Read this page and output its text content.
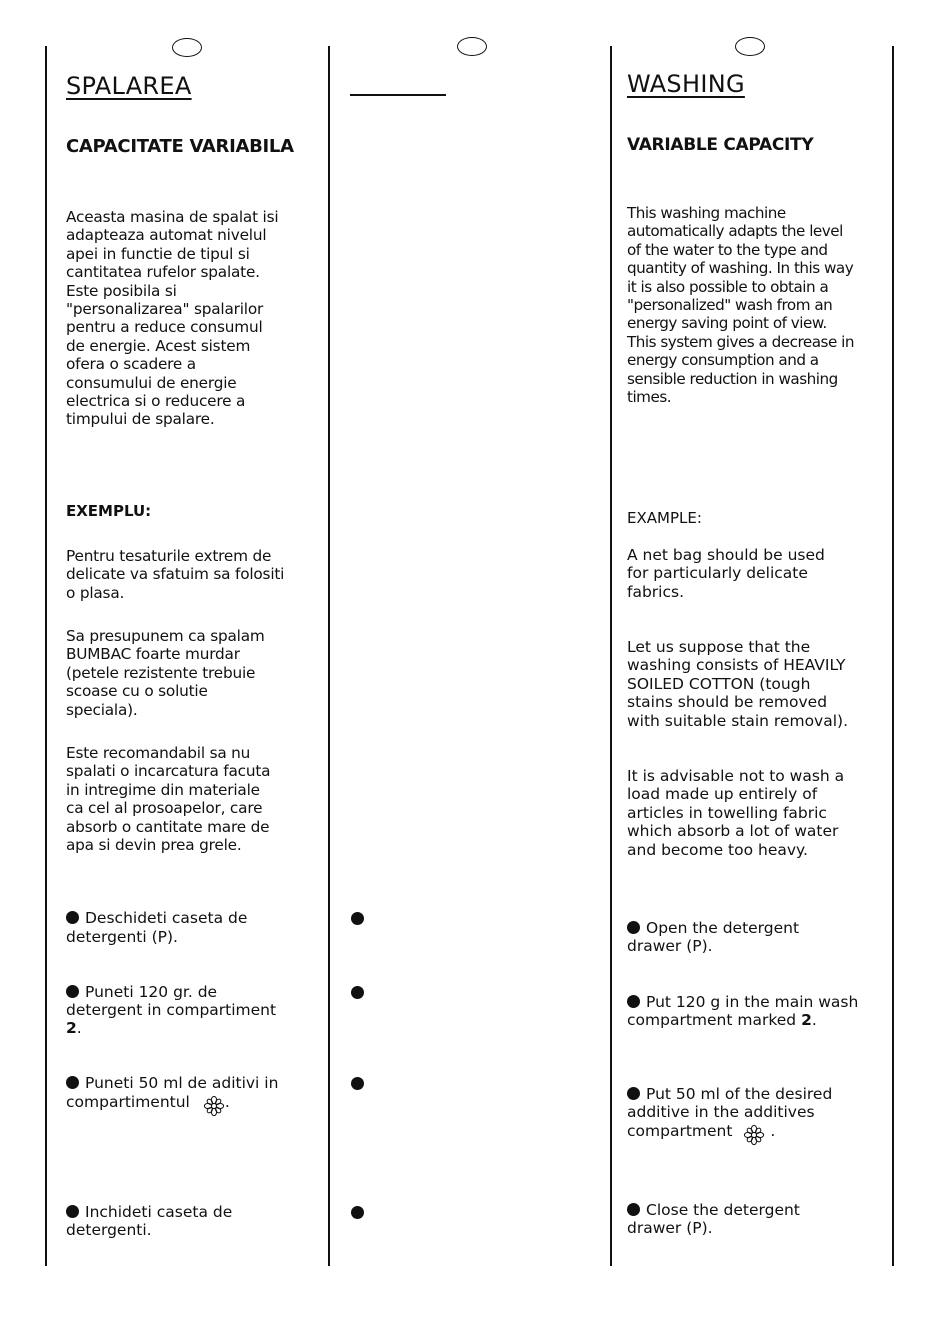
SPALAREA
CAPACITATE VARIABILA

Aceasta masina de spalat isi
adapteaza automat nivelul
apei in functie de tipul si
cantitatea rufelor spalate.
Este posibila si
"personalizarea" spalarilor
pentru a reduce consumul
de energie. Acest sistem
ofera o scadere a
consumului de energie
electrica si o reducere a
timpului de spalare.

EXEMPLU:

Pentru tesaturile extrem de
delicate va sfatuim sa folositi
o plasa.

Sa presupunem ca spalam
BUMBAC foarte murdar
(petele rezistente trebuie
scoase cu o solutie
speciala).

Este recomandabil sa nu
spalati o incarcatura facuta
in intregime din materiale
ca cel al prosoapelor, care
absorb o cantitate mare de
apa si devin prea grele.

Deschideti caseta de
detergenti (P).
Puneti 120 gr. de
detergent in compartiment
2.
Puneti 50 ml de aditivi in
compartimentul .
Inchideti caseta de
detergenti.
WASHING
VARIABLE CAPACITY

This washing machine
automatically adapts the level
of the water to the type and
quantity of washing. In this way
it is also possible to obtain a
"personalized" wash from an
energy saving point of view.
This system gives a decrease in
energy consumption and a
sensible reduction in washing
times.

EXAMPLE:

A net bag should be used
for particularly delicate
fabrics.

Let us suppose that the
washing consists of HEAVILY
SOILED COTTON (tough
stains should be removed
with suitable stain removal).

It is advisable not to wash a
load made up entirely of
articles in towelling fabric
which absorb a lot of water
and become too heavy.

Open the detergent
drawer (P).
Put 120 g in the main wash
compartment marked 2.
Put 50 ml of the desired
additive in the additives
compartment .
Close the detergent
drawer (P).
